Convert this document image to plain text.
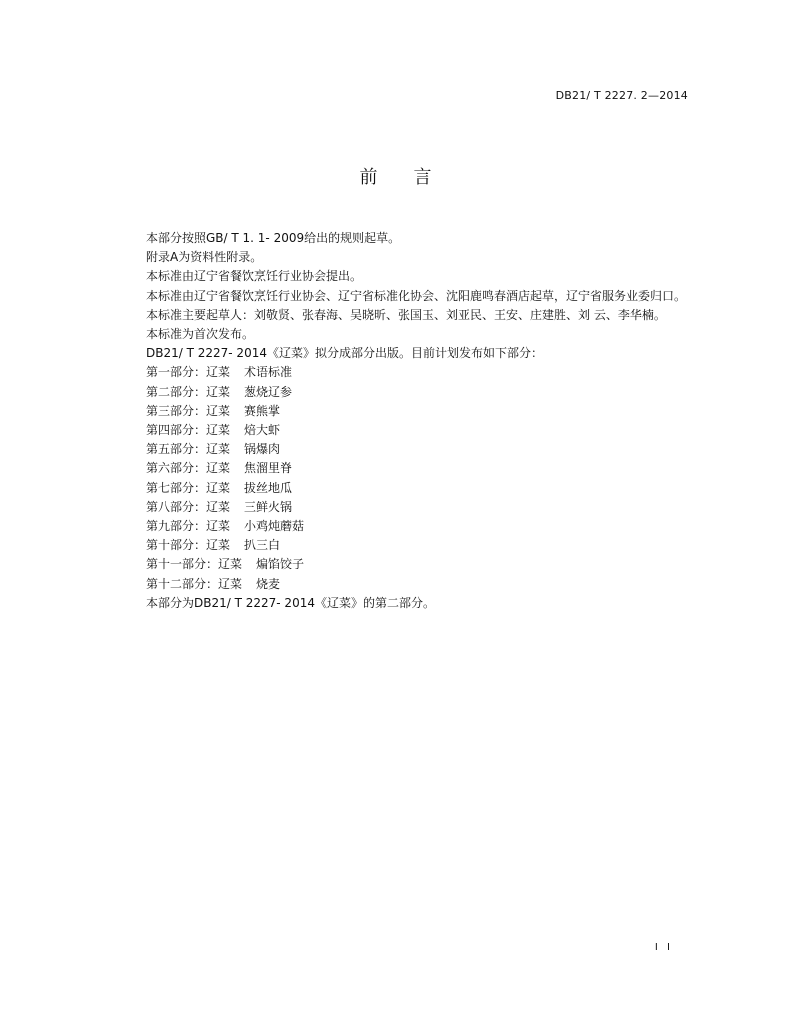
DB21/ T 2227. 2—2014
前 言

本部分按照GB/ T 1. 1- 2009给出的规则起草。

附录A为资料性附录。

本标准由辽宁省餐饮烹饪行业协会提出。

本标准由辽宁省餐饮烹饪行业协会、辽宁省标准化协会、沈阳鹿鸣春酒店起草，辽宁省服务业委归口。

本标准主要起草人：刘敬贤、张春海、吴晓昕、张国玉、刘亚民、王安、庄建胜、刘 云、李华楠。

本标准为首次发布。

DB21/ T 2227- 2014《辽菜》拟分成部分出版。目前计划发布如下部分：

第一部分：辽菜 术语标准
第二部分：辽菜 葱烧辽参
第三部分：辽菜 赛熊掌
第四部分：辽菜 焙大虾
第五部分：辽菜 锅爆肉
第六部分：辽菜 焦溜里脊
第七部分：辽菜 拔丝地瓜
第八部分：辽菜 三鲜火锅
第九部分：辽菜 小鸡炖蘑菇
第十部分：辽菜 扒三白
第十一部分：辽菜 煸馅饺子
第十二部分：辽菜 烧麦

本部分为DB21/ T 2227- 2014《辽菜》的第二部分。

I I
